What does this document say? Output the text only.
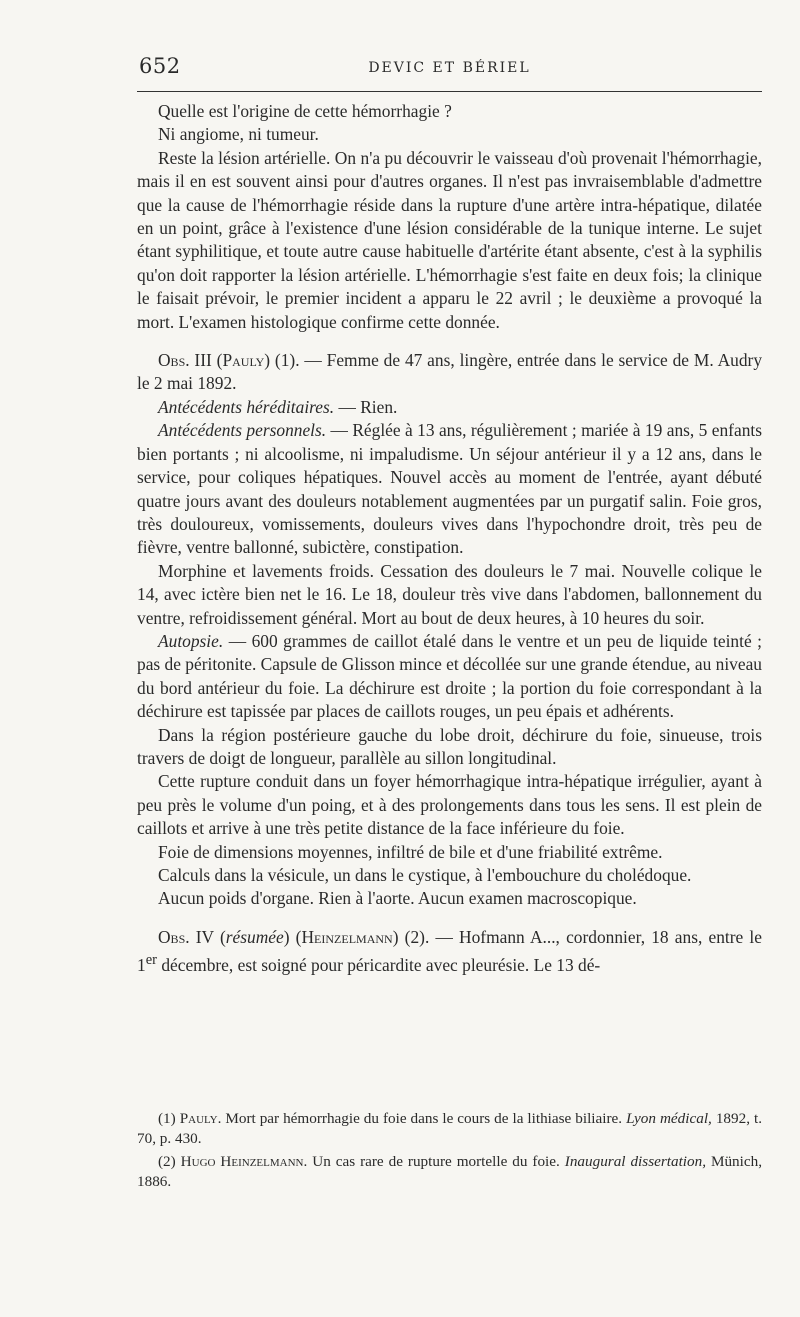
652	DEVIC ET BÉRIEL

Quelle est l'origine de cette hémorrhagie ?

Ni angiome, ni tumeur.

Reste la lésion artérielle. On n'a pu découvrir le vaisseau d'où provenait l'hémorrhagie, mais il en est souvent ainsi pour d'autres organes. Il n'est pas invraisemblable d'admettre que la cause de l'hémorrhagie réside dans la rupture d'une artère intra-hépatique, dilatée en un point, grâce à l'existence d'une lésion considérable de la tunique interne. Le sujet étant syphilitique, et toute autre cause habituelle d'artérite étant absente, c'est à la syphilis qu'on doit rapporter la lésion artérielle. L'hémorrhagie s'est faite en deux fois; la clinique le faisait prévoir, le premier incident a apparu le 22 avril ; le deuxième a provoqué la mort. L'examen histologique confirme cette donnée.

Obs. III (Pauly) (1). — Femme de 47 ans, lingère, entrée dans le service de M. Audry le 2 mai 1892.

Antécédents héréditaires. — Rien.

Antécédents personnels. — Réglée à 13 ans, régulièrement ; mariée à 19 ans, 5 enfants bien portants ; ni alcoolisme, ni impaludisme. Un séjour antérieur il y a 12 ans, dans le service, pour coliques hépatiques. Nouvel accès au moment de l'entrée, ayant débuté quatre jours avant des douleurs notablement augmentées par un purgatif salin. Foie gros, très douloureux, vomissements, douleurs vives dans l'hypochondre droit, très peu de fièvre, ventre ballonné, subictère, constipation.

Morphine et lavements froids. Cessation des douleurs le 7 mai. Nouvelle colique le 14, avec ictère bien net le 16. Le 18, douleur très vive dans l'abdomen, ballonnement du ventre, refroidissement général. Mort au bout de deux heures, à 10 heures du soir.

Autopsie. — 600 grammes de caillot étalé dans le ventre et un peu de liquide teinté ; pas de péritonite. Capsule de Glisson mince et décollée sur une grande étendue, au niveau du bord antérieur du foie. La déchirure est droite ; la portion du foie correspondant à la déchirure est tapissée par places de caillots rouges, un peu épais et adhérents.

Dans la région postérieure gauche du lobe droit, déchirure du foie, sinueuse, trois travers de doigt de longueur, parallèle au sillon longitudinal.

Cette rupture conduit dans un foyer hémorrhagique intra-hépatique irrégulier, ayant à peu près le volume d'un poing, et à des prolongements dans tous les sens. Il est plein de caillots et arrive à une très petite distance de la face inférieure du foie.

Foie de dimensions moyennes, infiltré de bile et d'une friabilité extrême.

Calculs dans la vésicule, un dans le cystique, à l'embouchure du cholédoque.

Aucun poids d'organe. Rien à l'aorte. Aucun examen macroscopique.

Obs. IV (résumée) (Heinzelmann) (2). — Hofmann A..., cordonnier, 18 ans, entre le 1er décembre, est soigné pour péricardite avec pleurésie. Le 13 dé-

(1) Pauly. Mort par hémorrhagie du foie dans le cours de la lithiase biliaire. Lyon médical, 1892, t. 70, p. 430.

(2) Hugo Heinzelmann. Un cas rare de rupture mortelle du foie. Inaugural dissertation, Münich, 1886.
